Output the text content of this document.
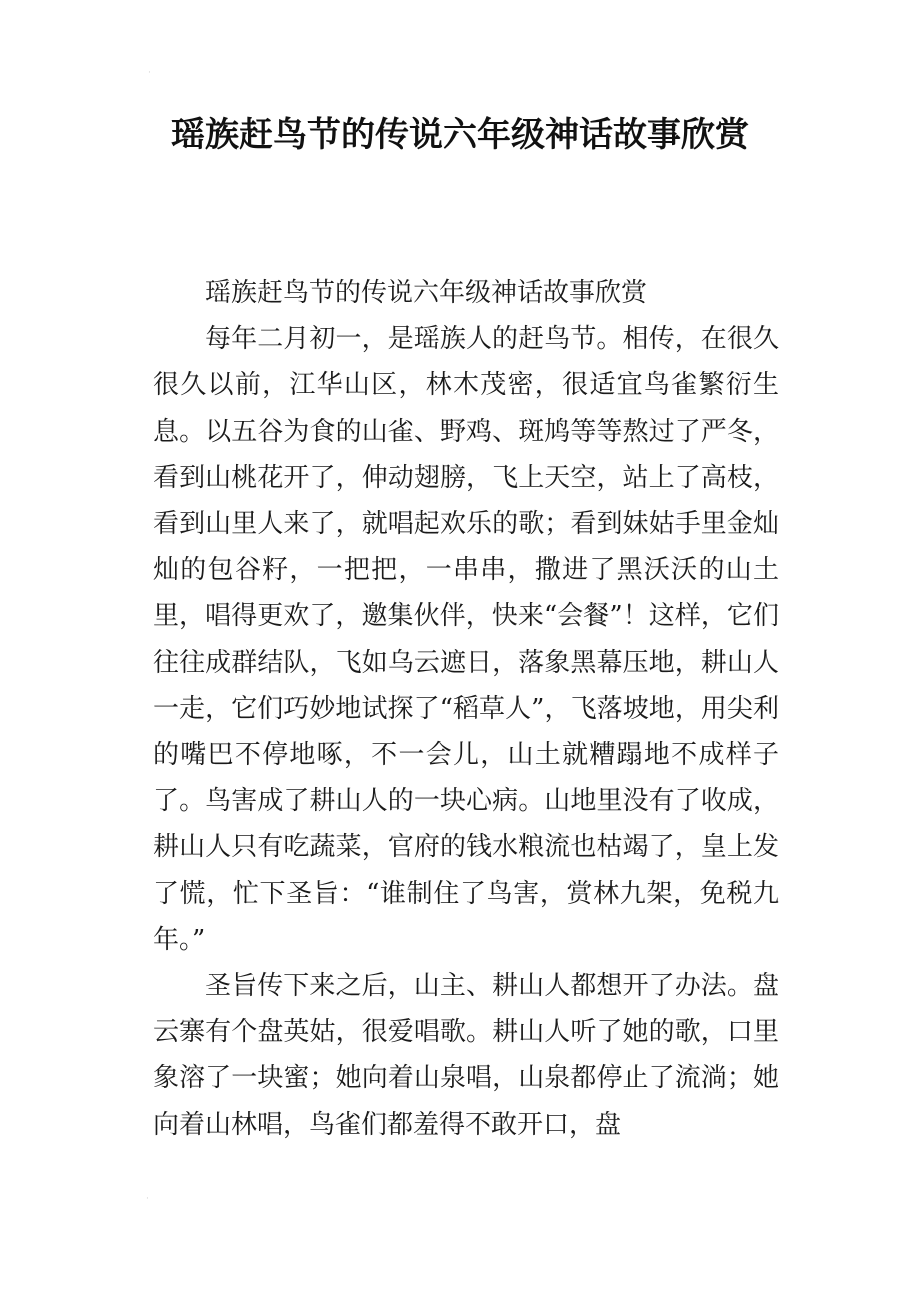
·
瑶族赶鸟节的传说六年级神话故事欣赏

瑶族赶鸟节的传说六年级神话故事欣赏

每年二月初一，是瑶族人的赶鸟节。相传，在很久很久以前，江华山区，林木茂密，很适宜鸟雀繁衍生息。以五谷为食的山雀、野鸡、斑鸠等等熬过了严冬，看到山桃花开了，伸动翅膀，飞上天空，站上了高枝，看到山里人来了，就唱起欢乐的歌；看到妹姑手里金灿灿的包谷籽，一把把，一串串，撒进了黑沃沃的山土里，唱得更欢了，邀集伙伴，快来“会餐”！这样，它们往往成群结队，飞如乌云遮日，落象黑幕压地，耕山人一走，它们巧妙地试探了“稻草人”，飞落坡地，用尖利的嘴巴不停地啄，不一会儿，山土就糟蹋地不成样子了。鸟害成了耕山人的一块心病。山地里没有了收成，耕山人只有吃蔬菜，官府的钱水粮流也枯竭了，皇上发了慌，忙下圣旨：“谁制住了鸟害，赏林九架，免税九年。”

圣旨传下来之后，山主、耕山人都想开了办法。盘云寨有个盘英姑，很爱唱歌。耕山人听了她的歌，口里象溶了一块蜜；她向着山泉唱，山泉都停止了流淌；她向着山林唱，鸟雀们都羞得不敢开口，盘

·
